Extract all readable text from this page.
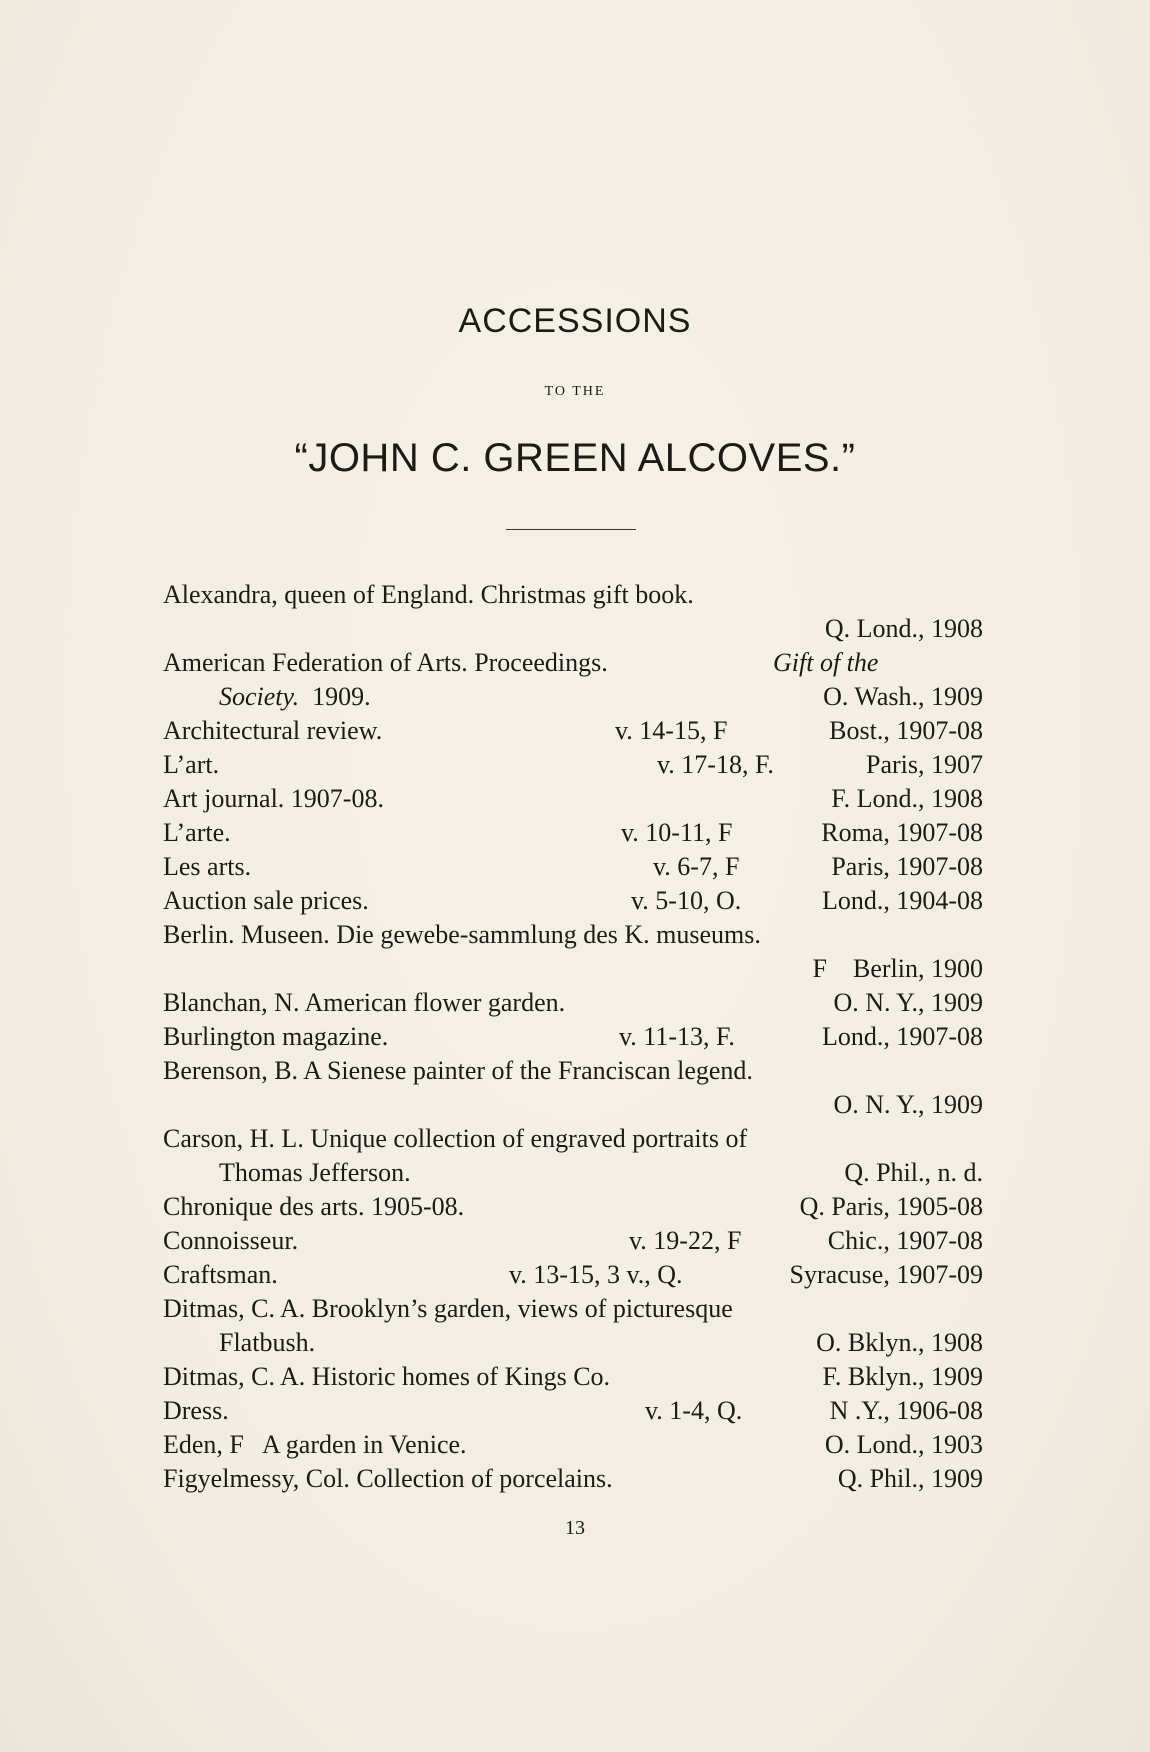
ACCESSIONS
TO THE
“JOHN C. GREEN ALCOVES.”
Alexandra, queen of England. Christmas gift book.
Q. Lond., 1908
American Federation of Arts. Proceedings.	Gift of the
Society. 1909.	O. Wash., 1909
Architectural review.	v. 14-15, F	Bost., 1907-08
L’art.	v. 17-18, F.	Paris, 1907
Art journal. 1907-08.	F. Lond., 1908
L’arte.	v. 10-11, F	Roma, 1907-08
Les arts.	v. 6-7, F	Paris, 1907-08
Auction sale prices.	v. 5-10, O.	Lond., 1904-08
Berlin. Museen. Die gewebe-sammlung des K. museums.
F    Berlin, 1900
Blanchan, N. American flower garden.	O. N. Y., 1909
Burlington magazine.	v. 11-13, F.	Lond., 1907-08
Berenson, B. A Sienese painter of the Franciscan legend.
O. N. Y., 1909
Carson, H. L. Unique collection of engraved portraits of
Thomas Jefferson.	Q. Phil., n. d.
Chronique des arts. 1905-08.	Q. Paris, 1905-08
Connoisseur.	v. 19-22, F	Chic., 1907-08
Craftsman.	v. 13-15, 3 v., Q.	Syracuse, 1907-09
Ditmas, C. A. Brooklyn’s garden, views of picturesque
Flatbush.	O. Bklyn., 1908
Ditmas, C. A. Historic homes of Kings Co.	F. Bklyn., 1909
Dress.	v. 1-4, Q.	N .Y., 1906-08
Eden, F   A garden in Venice.	O. Lond., 1903
Figyelmessy, Col. Collection of porcelains.	Q. Phil., 1909
13
